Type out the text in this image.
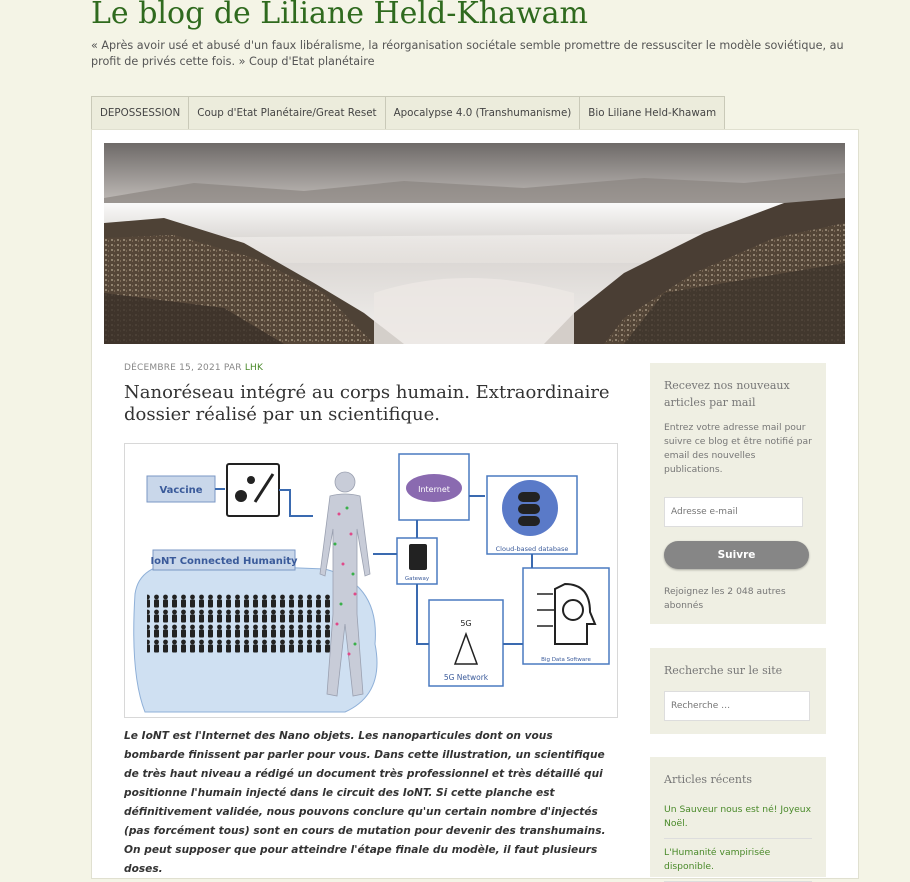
Le blog de Liliane Held-Khawam

« Après avoir usé et abusé d'un faux libéralisme, la réorganisation sociétale semble promettre de ressusciter le modèle soviétique, au profit de privés cette fois. » Coup d'Etat planétaire

DEPOSSESSION	Coup d'Etat Planétaire/Great Reset	Apocalypse 4.0 (Transhumanisme)	Bio Liliane Held-Khawam
DÉCEMBRE 15, 2021 PAR LHK
Nanoréseau intégré au corps humain. Extraordinaire dossier réalisé par un scientifique.
Vaccine
IoNT Connected Humanity
Internet
Cloud-based database
Gateway
5G
5G Network
Big Data Software

Le IoNT est l'Internet des Nano objets. Les nanoparticules dont on vous bombarde finissent par parler pour vous. Dans cette illustration, un scientifique de très haut niveau a rédigé un document très professionnel et très détaillé qui positionne l'humain injecté dans le circuit des IoNT. Si cette planche est définitivement validée, nous pouvons conclure qu'un certain nombre d'injectés (pas forcément tous) sont en cours de mutation pour devenir des transhumains. On peut supposer que pour atteindre l'étape finale du modèle, il faut plusieurs doses.

Recevez nos nouveaux articles par mail
Entrez votre adresse mail pour suivre ce blog et être notifié par email des nouvelles publications.
Adresse e-mail
Suivre
Rejoignez les 2 048 autres abonnés
Recherche sur le site
Recherche …
Articles récents
Un Sauveur nous est né! Joyeux Noël.
L'Humanité vampirisée disponible.
